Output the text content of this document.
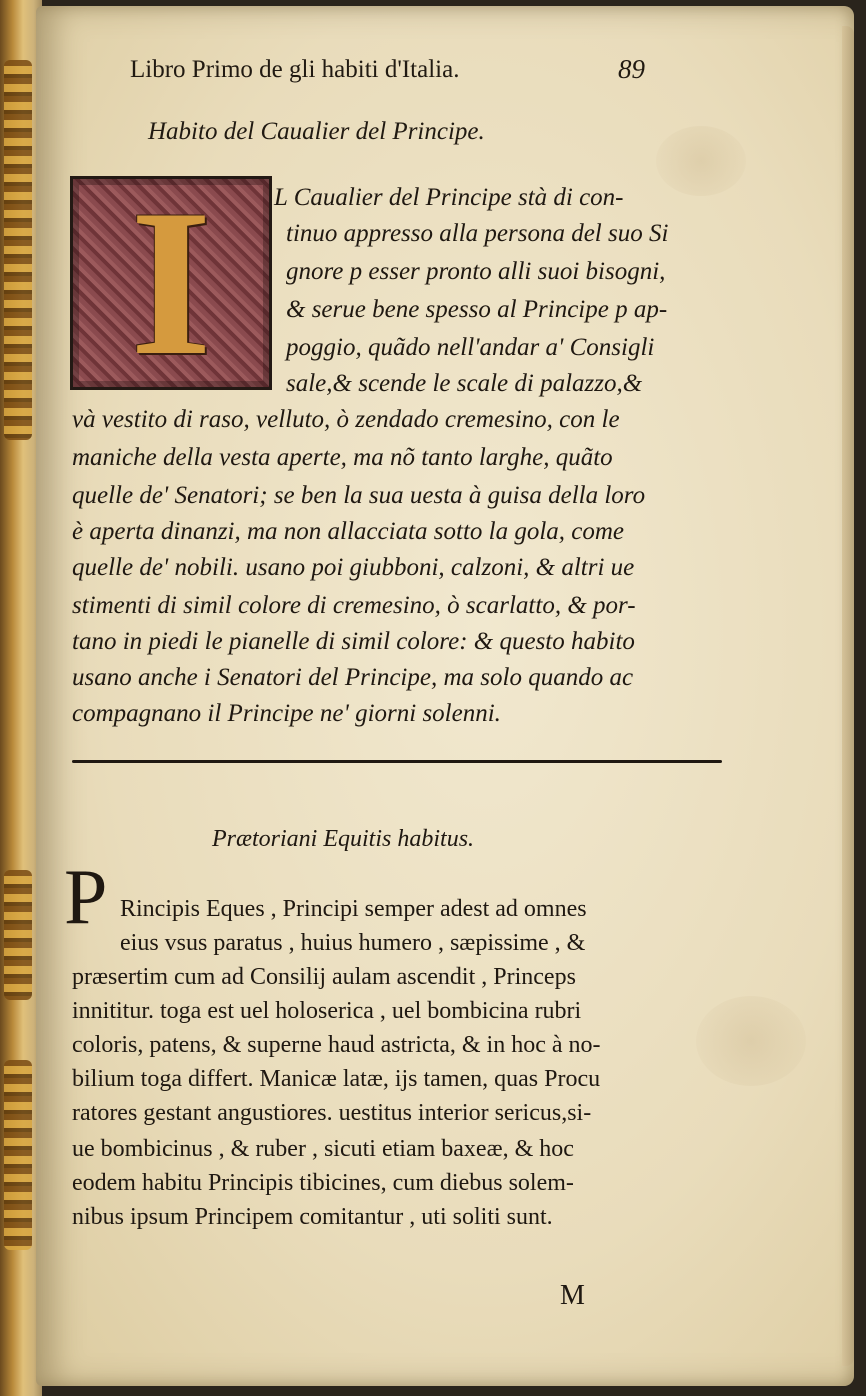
Libro Primo de gli habiti d'Italia.	89
Habito del Caualier del Principe.
I L Caualier del Principe stà di con-
tinuo appresso alla persona del suo Si
gnore p esser pronto alli suoi bisogni,
& serue bene spesso al Principe p ap-
poggio, quãdo nell'andar a' Consigli
sale,& scende le scale di palazzo,&
và vestito di raso, velluto, ò zendado cremesino, con le
maniche della vesta aperte, ma nõ tanto larghe, quãto
quelle de' Senatori; se ben la sua uesta à guisa della loro
è aperta dinanzi, ma non allacciata sotto la gola, come
quelle de' nobili. usano poi giubboni, calzoni, & altri ue
stimenti di simil colore di cremesino, ò scarlatto, & por-
tano in piedi le pianelle di simil colore: & questo habito
usano anche i Senatori del Principe, ma solo quando ac
compagnano il Principe ne' giorni solenni.
Prætoriani Equitis habitus.
P Rincipis Eques , Principi semper adest ad omnes
eius vsus paratus , huius humero , sæpissime , &
præsertim cum ad Consilij aulam ascendit , Princeps
innititur. toga est uel holoserica , uel bombicina rubri
coloris, patens, & superne haud astricta, & in hoc à no-
bilium toga differt. Manicæ latæ, ijs tamen, quas Procu
ratores gestant angustiores. uestitus interior sericus,si-
ue bombicinus , & ruber , sicuti etiam baxeæ, & hoc
eodem habitu Principis tibicines, cum diebus solem-
nibus ipsum Principem comitantur , uti soliti sunt.
M
